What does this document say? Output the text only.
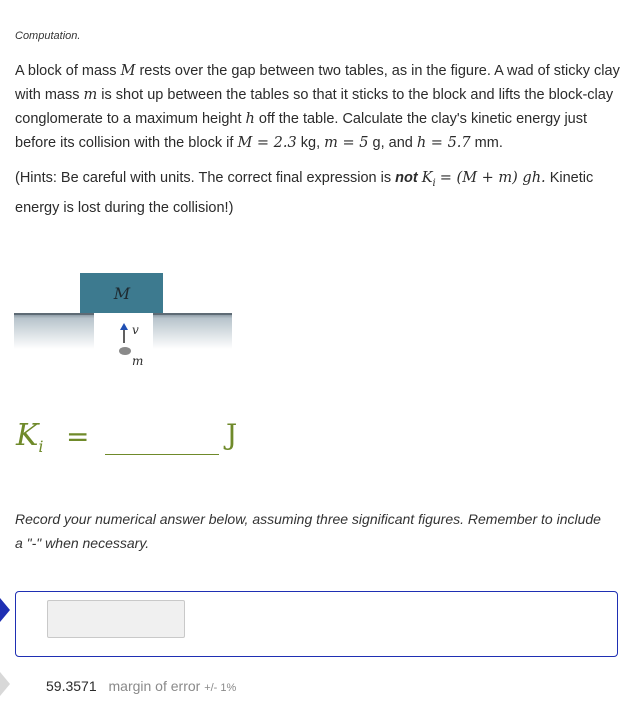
Computation.

A block of mass M rests over the gap between two tables, as in the figure. A wad of sticky clay with mass m is shot up between the tables so that it sticks to the block and lifts the block-clay conglomerate to a maximum height h off the table. Calculate the clay's kinetic energy just before its collision with the block if M = 2.3 kg, m = 5 g, and h = 5.7 mm.

(Hints: Be careful with units. The correct final expression is not $K_i = (M + m)$ gh. Kinetic energy is lost during the collision!)

M
v
m
$K_i$ =	J
Record your numerical answer below, assuming three significant figures. Remember to include a "-" when necessary.
59.3571 margin of error +/- 1%
